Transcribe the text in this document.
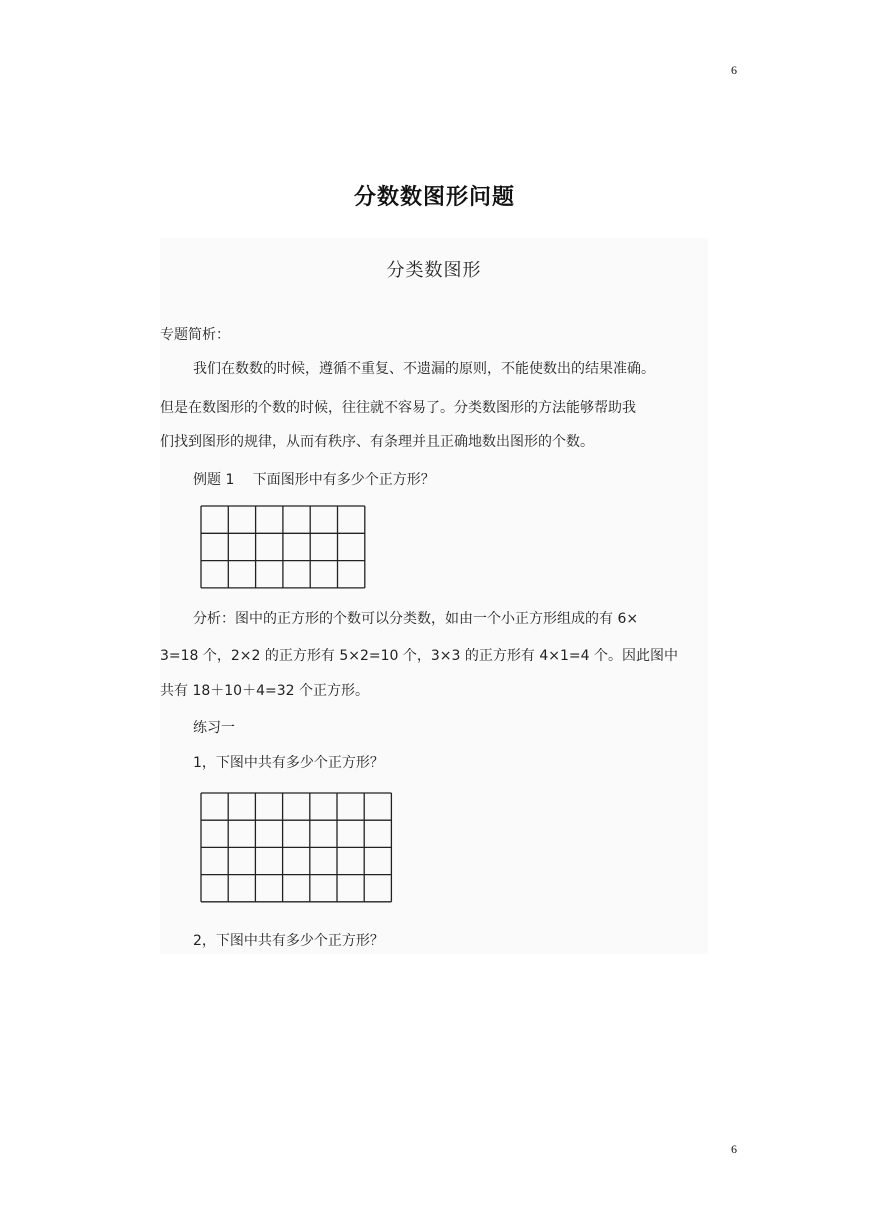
6
分数数图形问题
分类数图形
专题简析：
我们在数数的时候，遵循不重复、不遗漏的原则，不能使数出的结果准确。
但是在数图形的个数的时候，往往就不容易了。分类数图形的方法能够帮助我
们找到图形的规律，从而有秩序、有条理并且正确地数出图形的个数。
例题 1　 下面图形中有多少个正方形？
分析：图中的正方形的个数可以分类数，如由一个小正方形组成的有 6×
3=18 个，2×2 的正方形有 5×2=10 个，3×3 的正方形有 4×1=4 个。因此图中
共有 18＋10＋4=32 个正方形。
练习一
1，下图中共有多少个正方形？
2，下图中共有多少个正方形？
6
